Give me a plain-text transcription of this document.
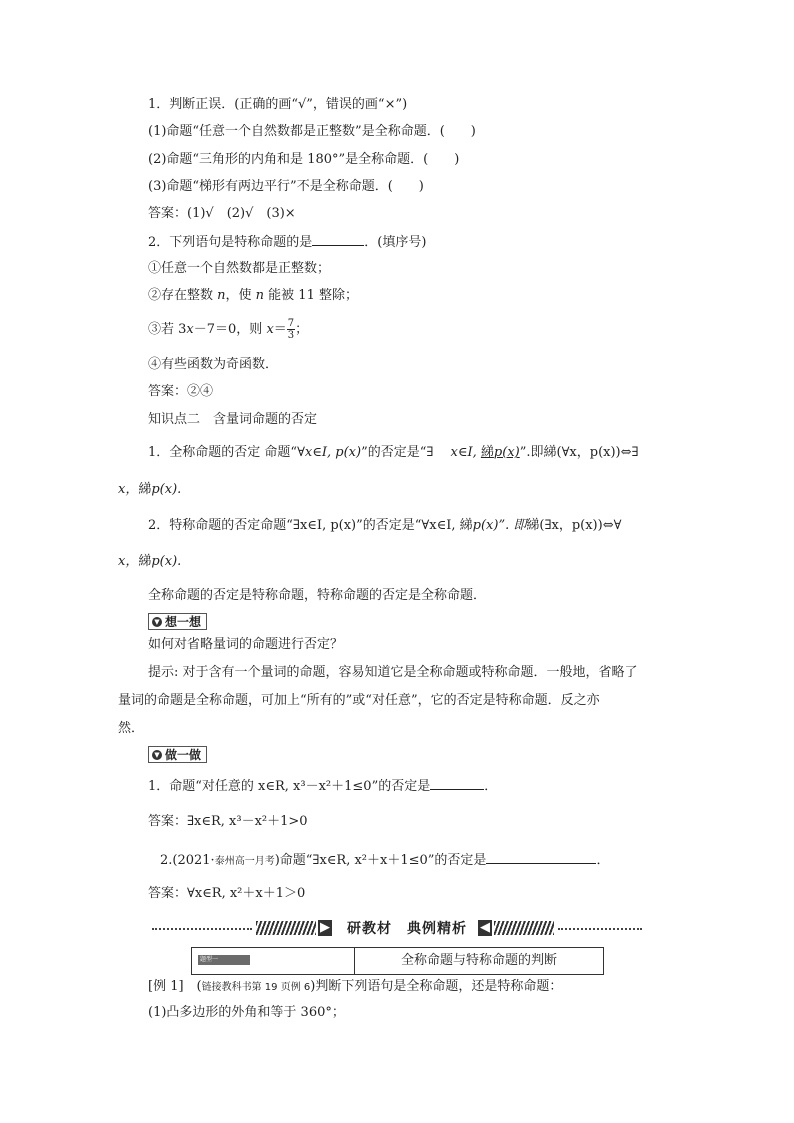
1．判断正误．(正确的画“√”，错误的画“×”)
(1)命题“任意一个自然数都是正整数”是全称命题．(　　)
(2)命题“三角形的内角和是 180°”是全称命题．(　　)
(3)命题“梯形有两边平行”不是全称命题．(　　)
答案：(1)√　(2)√　(3)×
2．下列语句是特称命题的是	．(填序号)
①任意一个自然数都是正整数；
②存在整数 n，使 n 能被 11 整除；
③若 3x－7＝0，则 $x= \frac{7}{3}$ ；
④有些函数为奇函数．
答案：②④
知识点二　含量词命题的否定
1．全称命题的否定 命题“∀x∈I, p(x)”的否定是“∃　 x∈I, 綈p(x)”.即綈(∀x，p(x))⇔∃
x，綈p(x).
2．特称命题的否定命题“∃x∈I, p(x)”的否定是“∀x∈I, 綈p(x)”. 即綈(∃x，p(x))⇔∀
x，綈p(x).
全称命题的否定是特称命题，特称命题的否定是全称命题．
▼ 想一想
如何对省略量词的命题进行否定？
提示: 对于含有一个量词的命题，容易知道它是全称命题或特称命题．一般地，省略了
量词的命题是全称命题，可加上“所有的”或“对任意”，它的否定是特称命题．反之亦
然．
▼ 做一做
1．命题“对任意的 x∈R, x³－x²＋1≤0”的否定是	．
答案：∃x∈R, x³－x²＋1>0
2.(2021·泰州高一月考)命题“∃x∈R, x²＋x＋1≤0”的否定是	．
答案：∀x∈R, x²＋x＋1＞0
▶	研教材　典例精析	◀
题型一	全称命题与特称命题的判断
[例 1]　(链接教科书第 19 页例 6)判断下列语句是全称命题，还是特称命题：
(1)凸多边形的外角和等于 360°；
